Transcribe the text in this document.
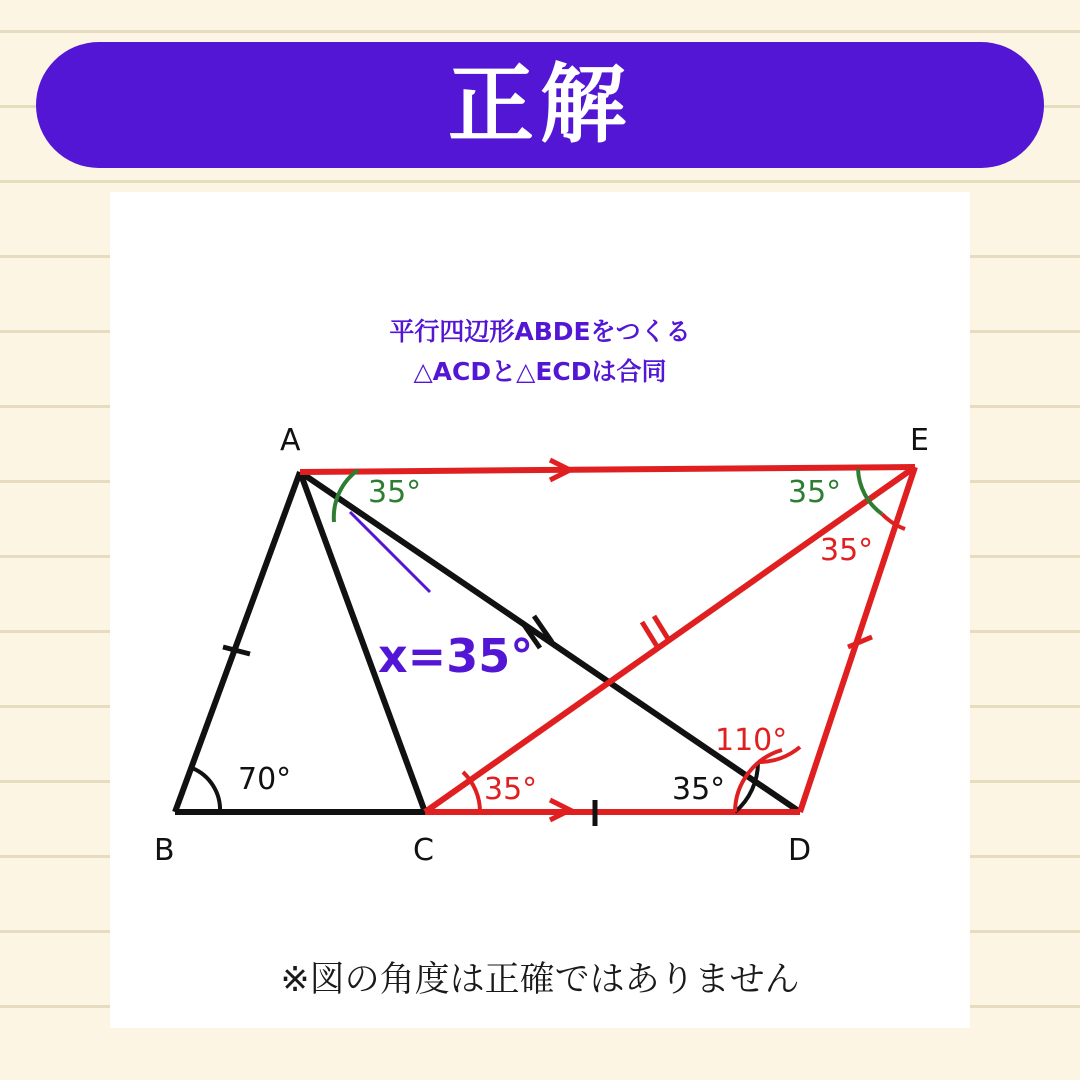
正解
平行四辺形ABDEをつくる
△ACDと△ECDは合同
A
B	C	D
E
70°
35°	35°
35°
35°	35°
110°
x=35°
※図の角度は正確ではありません
